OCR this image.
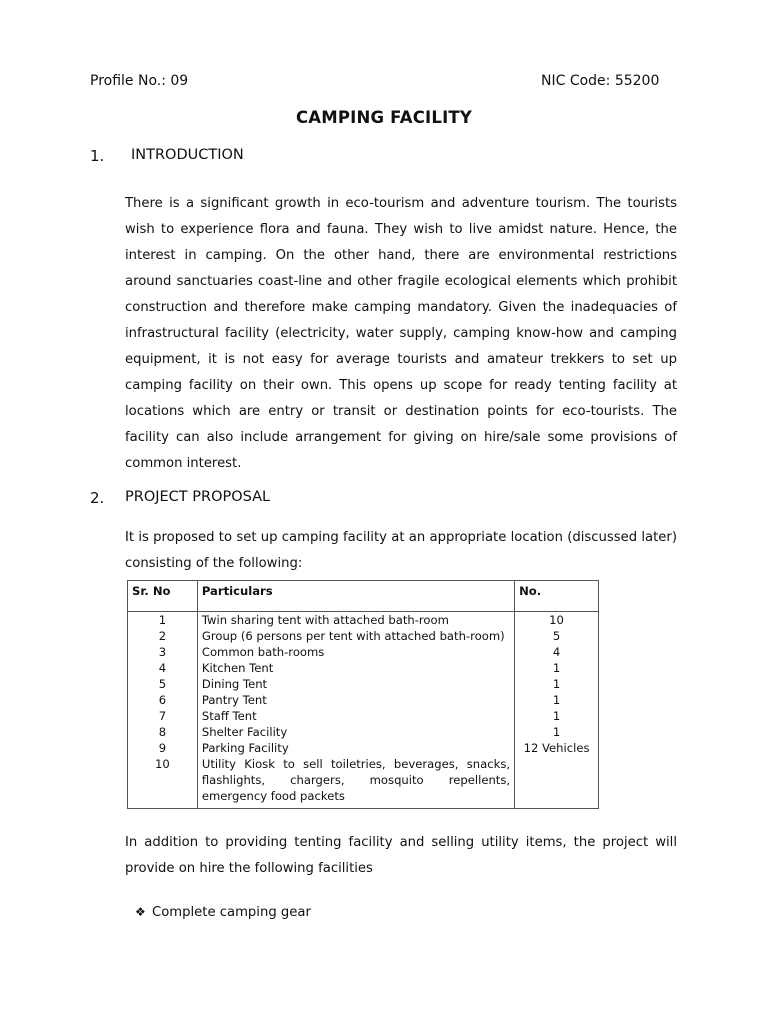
Profile No.: 09	NIC Code: 55200
CAMPING FACILITY
1. INTRODUCTION

There is a significant growth in eco-tourism and adventure tourism. The tourists wish to experience flora and fauna. They wish to live amidst nature. Hence, the interest in camping. On the other hand, there are environmental restrictions around sanctuaries coast-line and other fragile ecological elements which prohibit construction and therefore make camping mandatory. Given the inadequacies of infrastructural facility (electricity, water supply, camping know-how and camping equipment, it is not easy for average tourists and amateur trekkers to set up camping facility on their own. This opens up scope for ready tenting facility at locations which are entry or transit or destination points for eco-tourists. The facility can also include arrangement for giving on hire/sale some provisions of common interest.

2. PROJECT PROPOSAL

It is proposed to set up camping facility at an appropriate location (discussed later) consisting of the following:

Sr. No	Particulars	No.
1	Twin sharing tent with attached bath-room	10
2	Group (6 persons per tent with attached bath-room)	5
3	Common bath-rooms	4
4	Kitchen Tent	1
5	Dining Tent	1
6	Pantry Tent	1
7	Staff Tent	1
8	Shelter Facility	1
9	Parking Facility	12 Vehicles
10	Utility Kiosk to sell toiletries, beverages, snacks, flashlights, chargers, mosquito repellents, emergency food packets	

In addition to providing tenting facility and selling utility items, the project will provide on hire the following facilities

❖ Complete camping gear
